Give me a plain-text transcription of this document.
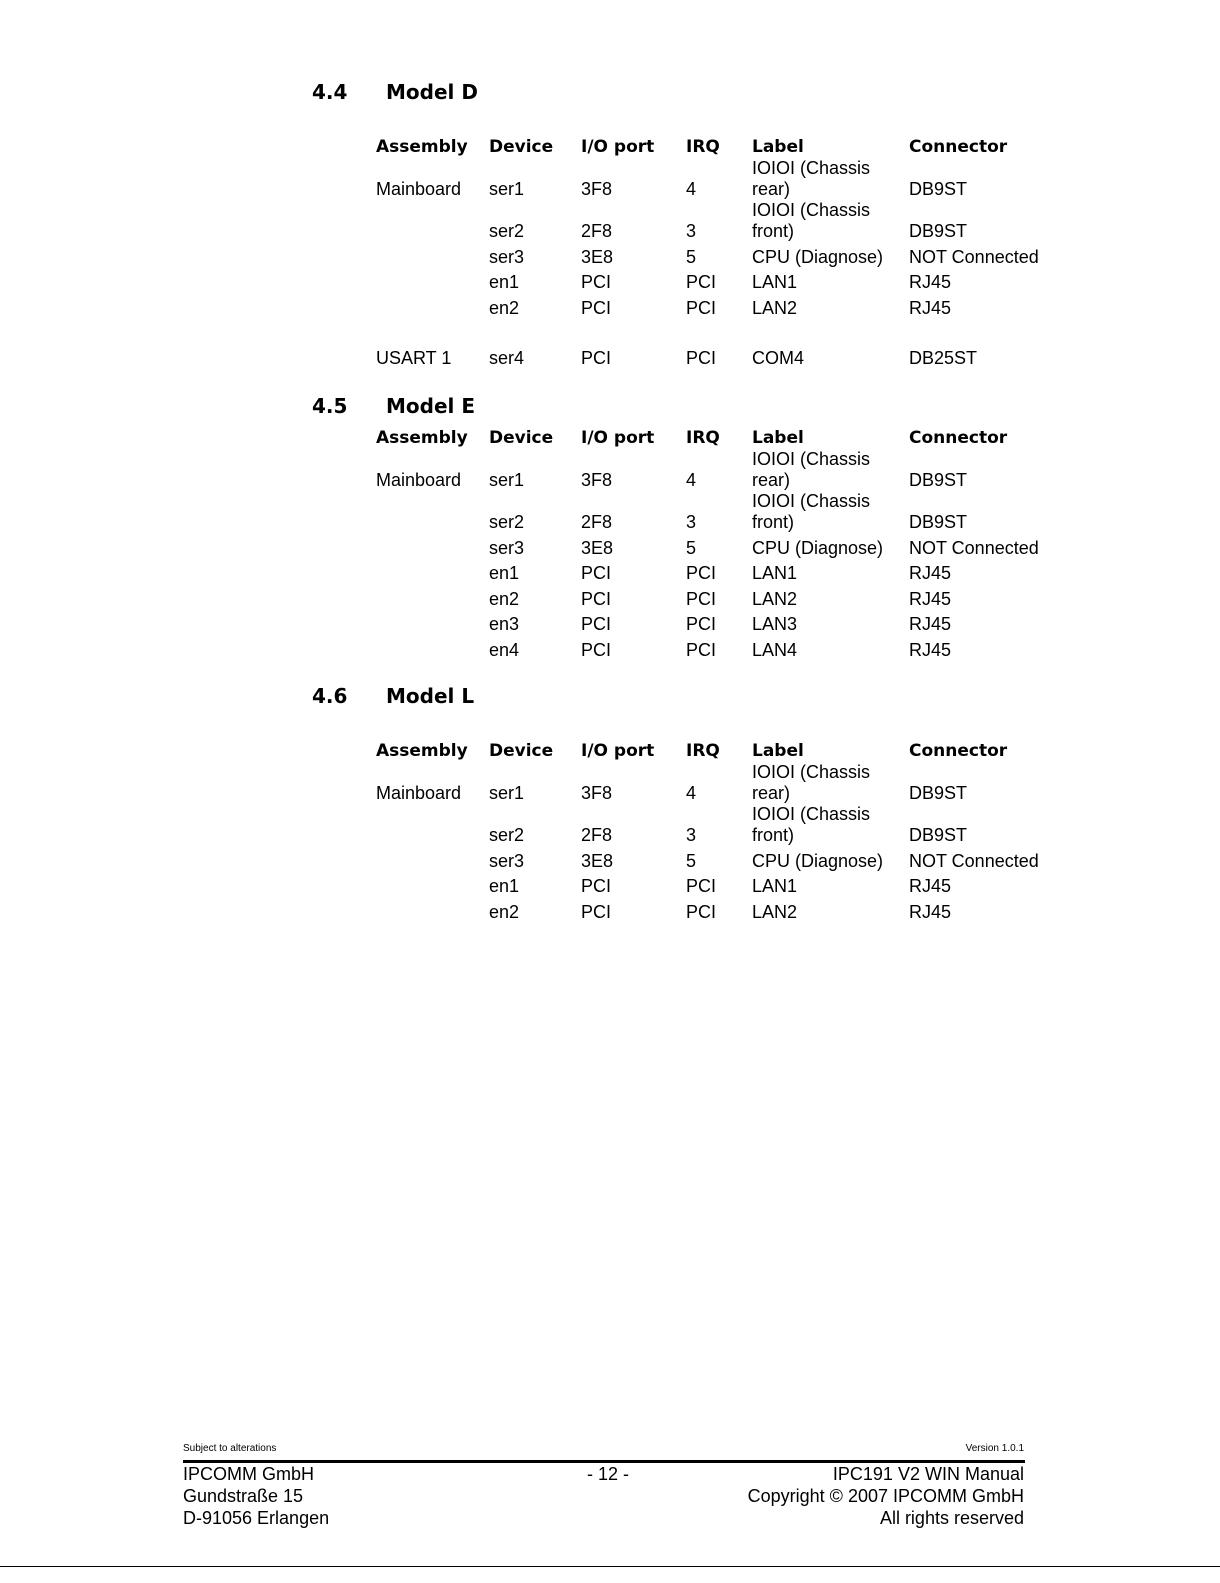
4.4 Model D
Assembly	Device	I/O port	IRQ	Label	Connector
Mainboard	ser1	3F8	4	IOIOI (Chassis rear)	DB9ST
	ser2	2F8	3	IOIOI (Chassis front)	DB9ST
	ser3	3E8	5	CPU (Diagnose)	NOT Connected
	en1	PCI	PCI	LAN1	RJ45
	en2	PCI	PCI	LAN2	RJ45

USART 1	ser4	PCI	PCI	COM4	DB25ST
4.5 Model E
Assembly	Device	I/O port	IRQ	Label	Connector
Mainboard	ser1	3F8	4	IOIOI (Chassis rear)	DB9ST
	ser2	2F8	3	IOIOI (Chassis front)	DB9ST
	ser3	3E8	5	CPU (Diagnose)	NOT Connected
	en1	PCI	PCI	LAN1	RJ45
	en2	PCI	PCI	LAN2	RJ45
	en3	PCI	PCI	LAN3	RJ45
	en4	PCI	PCI	LAN4	RJ45
4.6 Model L
Assembly	Device	I/O port	IRQ	Label	Connector
Mainboard	ser1	3F8	4	IOIOI (Chassis rear)	DB9ST
	ser2	2F8	3	IOIOI (Chassis front)	DB9ST
	ser3	3E8	5	CPU (Diagnose)	NOT Connected
	en1	PCI	PCI	LAN1	RJ45
	en2	PCI	PCI	LAN2	RJ45
Subject to alterations	Version 1.0.1
IPCOMM GmbH
Gundstraße 15
D-91056 Erlangen
- 12 -	IPC191 V2 WIN Manual
Copyright © 2007 IPCOMM GmbH
All rights reserved
